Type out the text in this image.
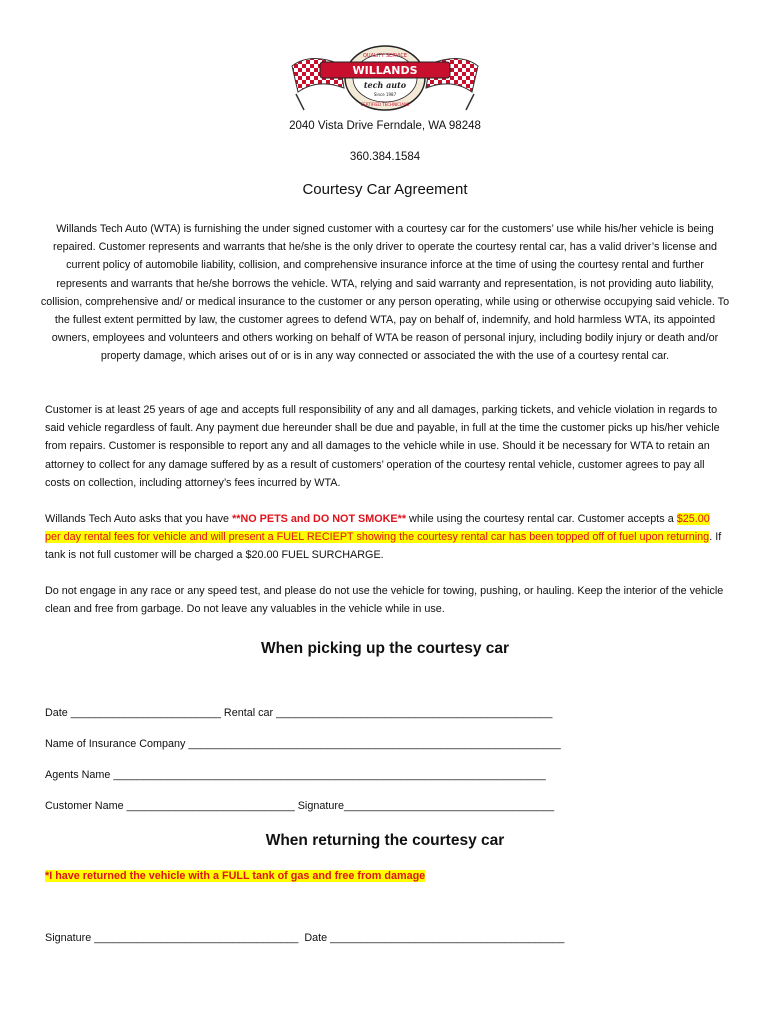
WILLANDS
QUALITY SERVICE
tech auto
Since 1987
CERTIFIED TECHNICIANS
2040 Vista Drive Ferndale, WA 98248
360.384.1584
Courtesy Car Agreement
Willands Tech Auto (WTA) is furnishing the under signed customer with a courtesy car for the customers’ use while his/her vehicle is being repaired. Customer represents and warrants that he/she is the only driver to operate the courtesy rental car, has a valid driver’s license and current policy of automobile liability, collision, and comprehensive insurance inforce at the time of using the courtesy rental and further represents and warrants that he/she borrows the vehicle. WTA, relying and said warranty and representation, is not providing auto liability, collision, comprehensive and/ or medical insurance to the customer or any person operating, while using or otherwise occupying said vehicle. To the fullest extent permitted by law, the customer agrees to defend WTA, pay on behalf of, indemnify, and hold harmless WTA, its appointed owners, employees and volunteers and others working on behalf of WTA be reason of personal injury, including bodily injury or death and/or property damage, which arises out of or is in any way connected or associated the with the use of a courtesy rental car.
Customer is at least 25 years of age and accepts full responsibility of any and all damages, parking tickets, and vehicle violation in regards to said vehicle regardless of fault. Any payment due hereunder shall be due and payable, in full at the time the customer picks up his/her vehicle from repairs. Customer is responsible to report any and all damages to the vehicle while in use. Should it be necessary for WTA to retain an attorney to collect for any damage suffered by as a result of customers’ operation of the courtesy rental vehicle, customer agrees to pay all costs on collection, including attorney’s fees incurred by WTA.
Willands Tech Auto asks that you have **NO PETS and DO NOT SMOKE** while using the courtesy rental car. Customer accepts a $25.00 per day rental fees for vehicle and will present a FUEL RECIEPT showing the courtesy rental car has been topped off of fuel upon returning. If tank is not full customer will be charged a $20.00 FUEL SURCHARGE.
Do not engage in any race or any speed test, and please do not use the vehicle for towing, pushing, or hauling. Keep the interior of the vehicle clean and free from garbage. Do not leave any valuables in the vehicle while in use.
When picking up the courtesy car
Date _________________________ Rental car ______________________________________________
Name of Insurance Company ______________________________________________________________
Agents Name ________________________________________________________________________
Customer Name ____________________________ Signature___________________________________
When returning the courtesy car
*I have returned the vehicle with a FULL tank of gas and free from damage
Signature __________________________________  Date _______________________________________
